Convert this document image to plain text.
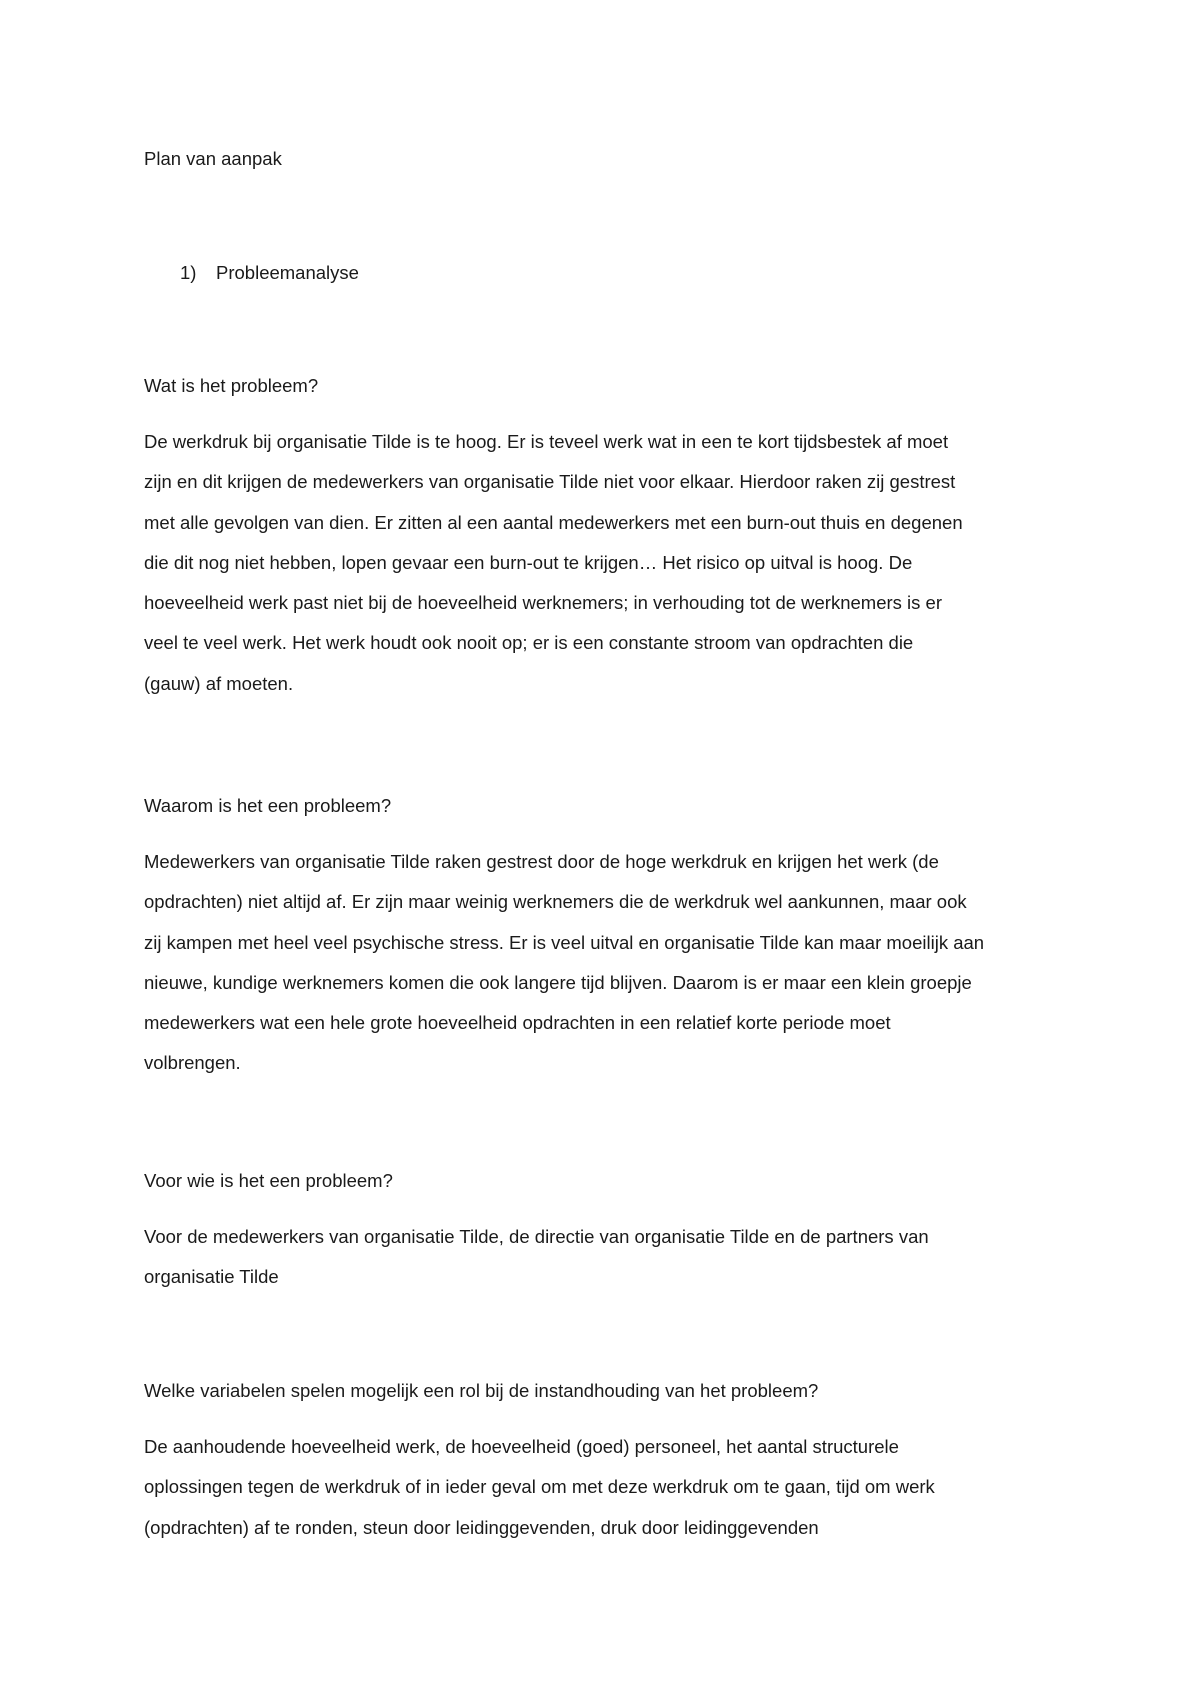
Plan van aanpak

1) Probleemanalyse

Wat is het probleem?

De werkdruk bij organisatie Tilde is te hoog. Er is teveel werk wat in een te kort tijdsbestek af moet
zijn en dit krijgen de medewerkers van organisatie Tilde niet voor elkaar. Hierdoor raken zij gestrest
met alle gevolgen van dien. Er zitten al een aantal medewerkers met een burn-out thuis en degenen
die dit nog niet hebben, lopen gevaar een burn-out te krijgen… Het risico op uitval is hoog. De
hoeveelheid werk past niet bij de hoeveelheid werknemers; in verhouding tot de werknemers is er
veel te veel werk. Het werk houdt ook nooit op; er is een constante stroom van opdrachten die
(gauw) af moeten.

Waarom is het een probleem?

Medewerkers van organisatie Tilde raken gestrest door de hoge werkdruk en krijgen het werk (de
opdrachten) niet altijd af. Er zijn maar weinig werknemers die de werkdruk wel aankunnen, maar ook
zij kampen met heel veel psychische stress. Er is veel uitval en organisatie Tilde kan maar moeilijk aan
nieuwe, kundige werknemers komen die ook langere tijd blijven. Daarom is er maar een klein groepje
medewerkers wat een hele grote hoeveelheid opdrachten in een relatief korte periode moet
volbrengen.

Voor wie is het een probleem?

Voor de medewerkers van organisatie Tilde, de directie van organisatie Tilde en de partners van
organisatie Tilde

Welke variabelen spelen mogelijk een rol bij de instandhouding van het probleem?

De aanhoudende hoeveelheid werk, de hoeveelheid (goed) personeel, het aantal structurele
oplossingen tegen de werkdruk of in ieder geval om met deze werkdruk om te gaan, tijd om werk
(opdrachten) af te ronden, steun door leidinggevenden, druk door leidinggevenden
